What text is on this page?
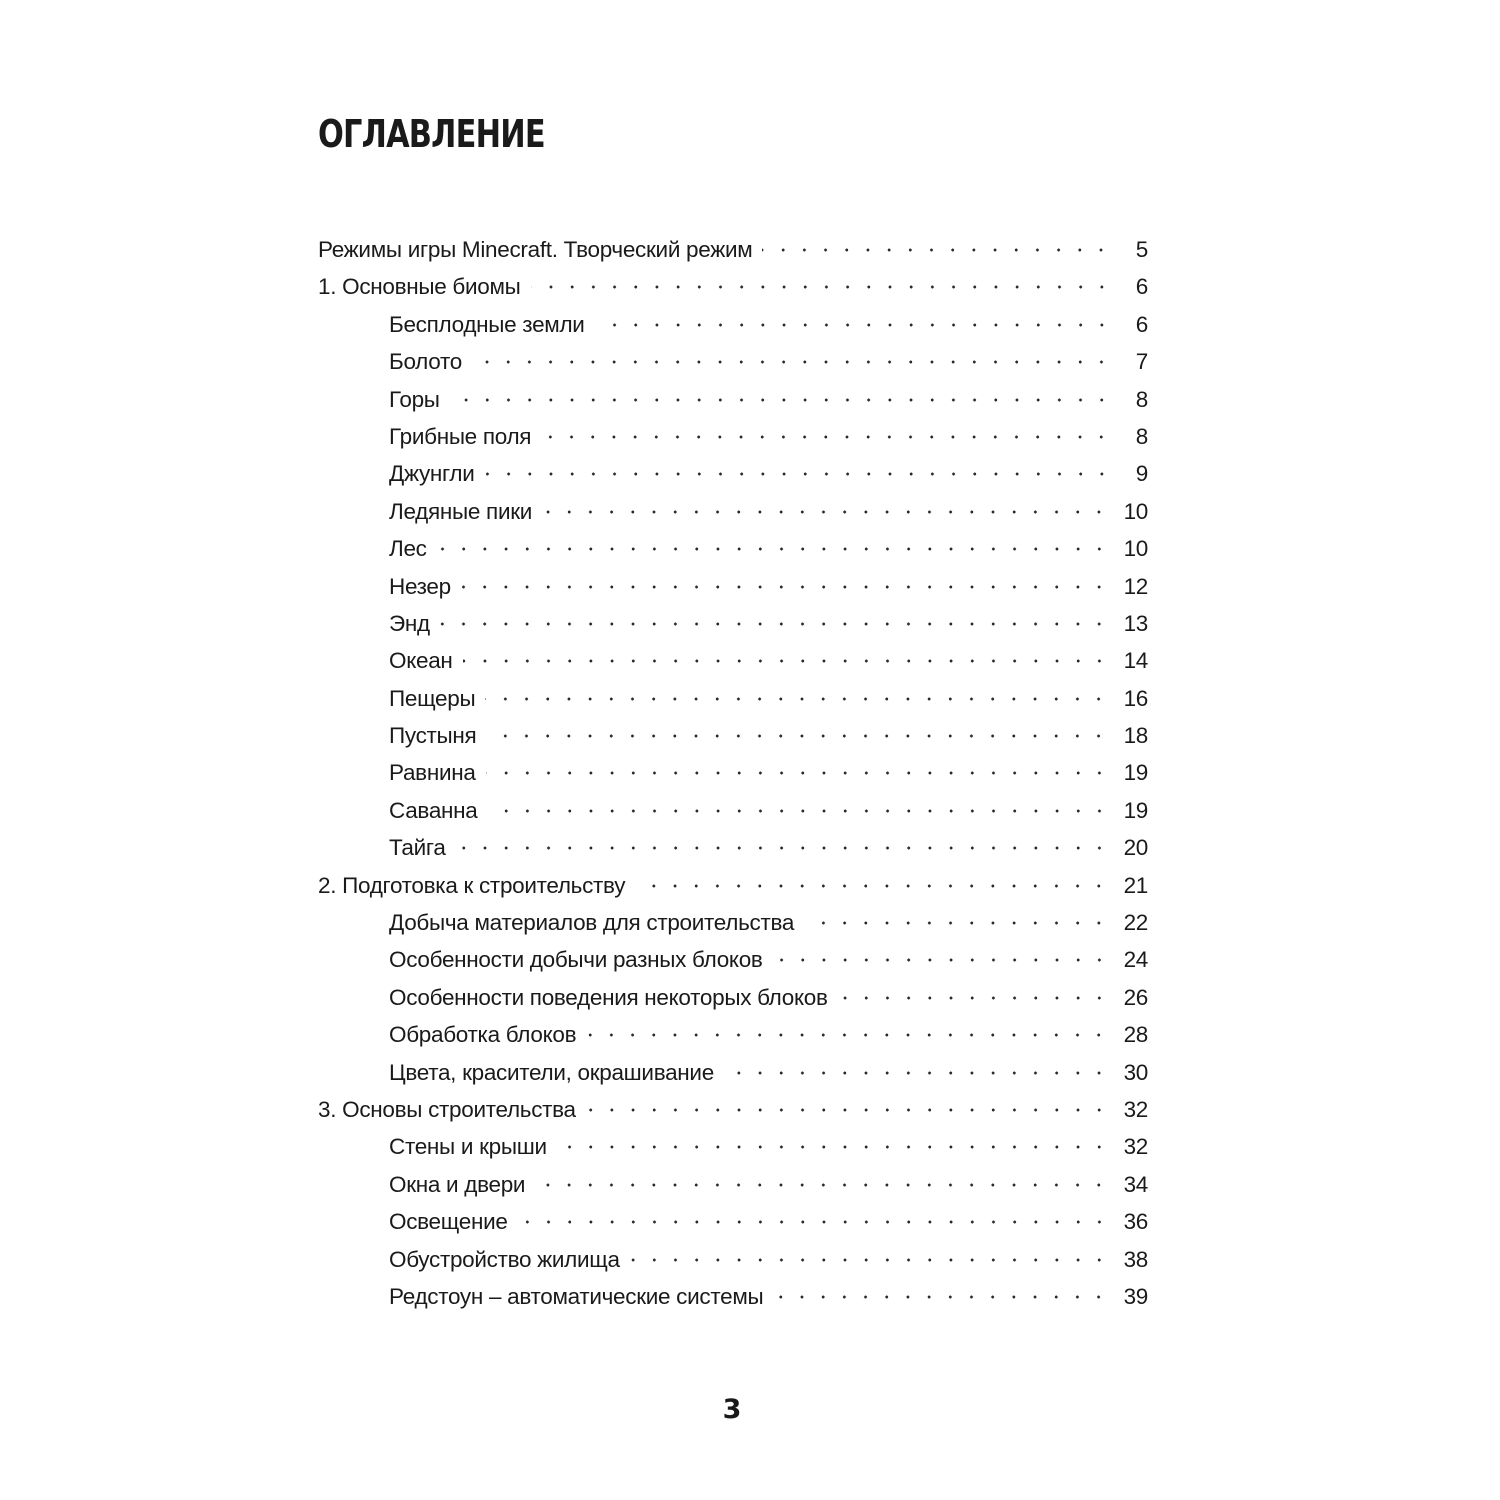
ОГЛАВЛЕНИЕ
Режимы игры Minecraft. Творческий режим	5
1. Основные биомы	6
Бесплодные земли	6
Болото	7
Горы	8
Грибные поля	8
Джунгли	9
Ледяные пики	10
Лес	10
Незер	12
Энд	13
Океан	14
Пещеры	16
Пустыня	18
Равнина	19
Саванна	19
Тайга	20
2. Подготовка к строительству	21
Добыча материалов для строительства	22
Особенности добычи разных блоков	24
Особенности поведения некоторых блоков	26
Обработка блоков	28
Цвета, красители, окрашивание	30
3. Основы строительства	32
Стены и крыши	32
Окна и двери	34
Освещение	36
Обустройство жилища	38
Редстоун – автоматические системы	39
3
